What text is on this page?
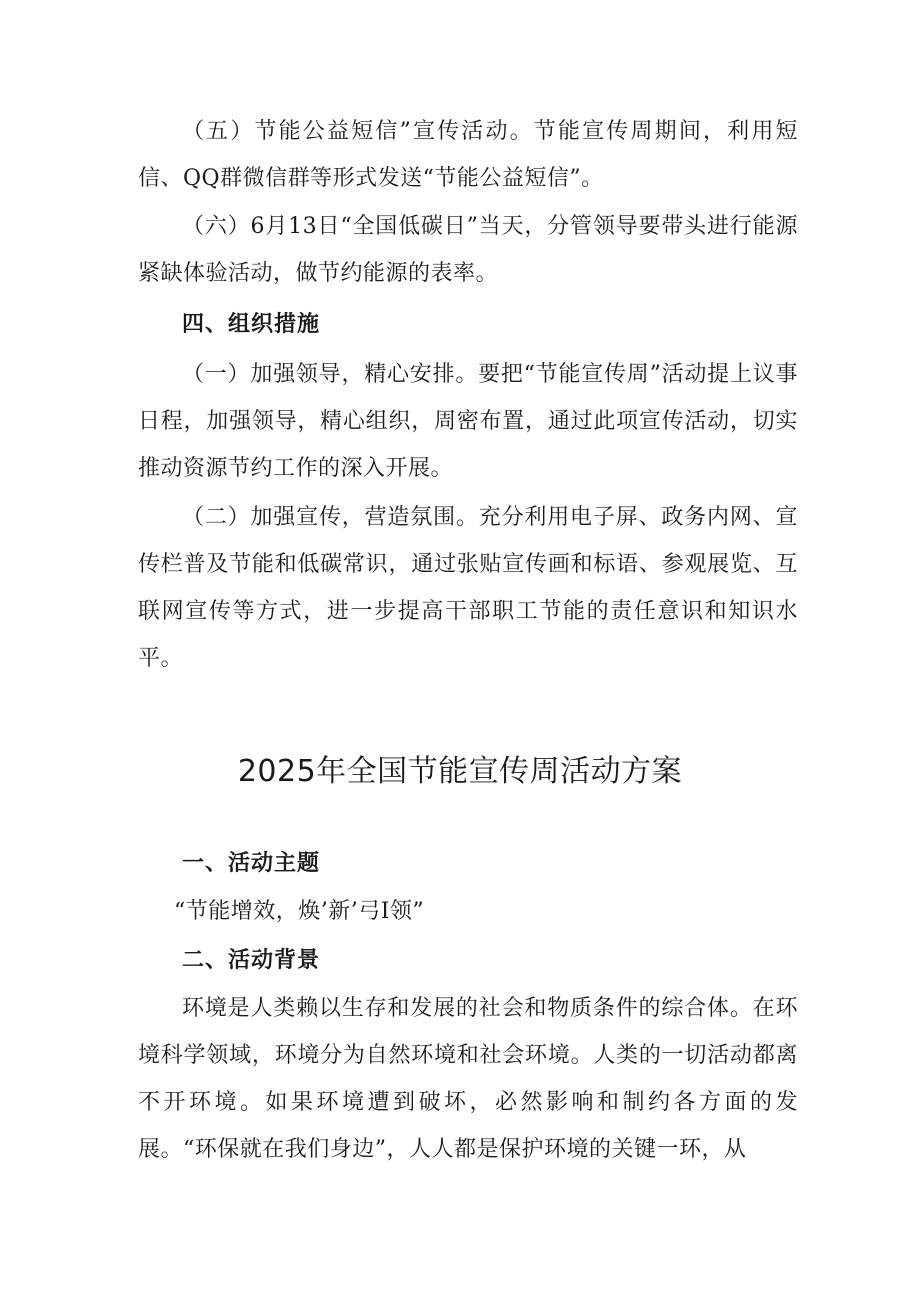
（五）节能公益短信”宣传活动。节能宣传周期间，利用短信、QQ群微信群等形式发送“节能公益短信”。

（六）6月13日“全国低碳日”当天，分管领导要带头进行能源紧缺体验活动，做节约能源的表率。

四、组织措施

（一）加强领导，精心安排。要把“节能宣传周”活动提上议事日程，加强领导，精心组织，周密布置，通过此项宣传活动，切实推动资源节约工作的深入开展。

（二）加强宣传，营造氛围。充分利用电子屏、政务内网、宣传栏普及节能和低碳常识，通过张贴宣传画和标语、参观展览、互联网宣传等方式，进一步提高干部职工节能的责任意识和知识水平。

2025年全国节能宣传周活动方案

一、活动主题

“节能增效，焕’新’弓I领”

二、活动背景

环境是人类赖以生存和发展的社会和物质条件的综合体。在环境科学领域，环境分为自然环境和社会环境。人类的一切活动都离不开环境。如果环境遭到破坏，必然影响和制约各方面的发展。“环保就在我们身边”，人人都是保护环境的关键一环，从
